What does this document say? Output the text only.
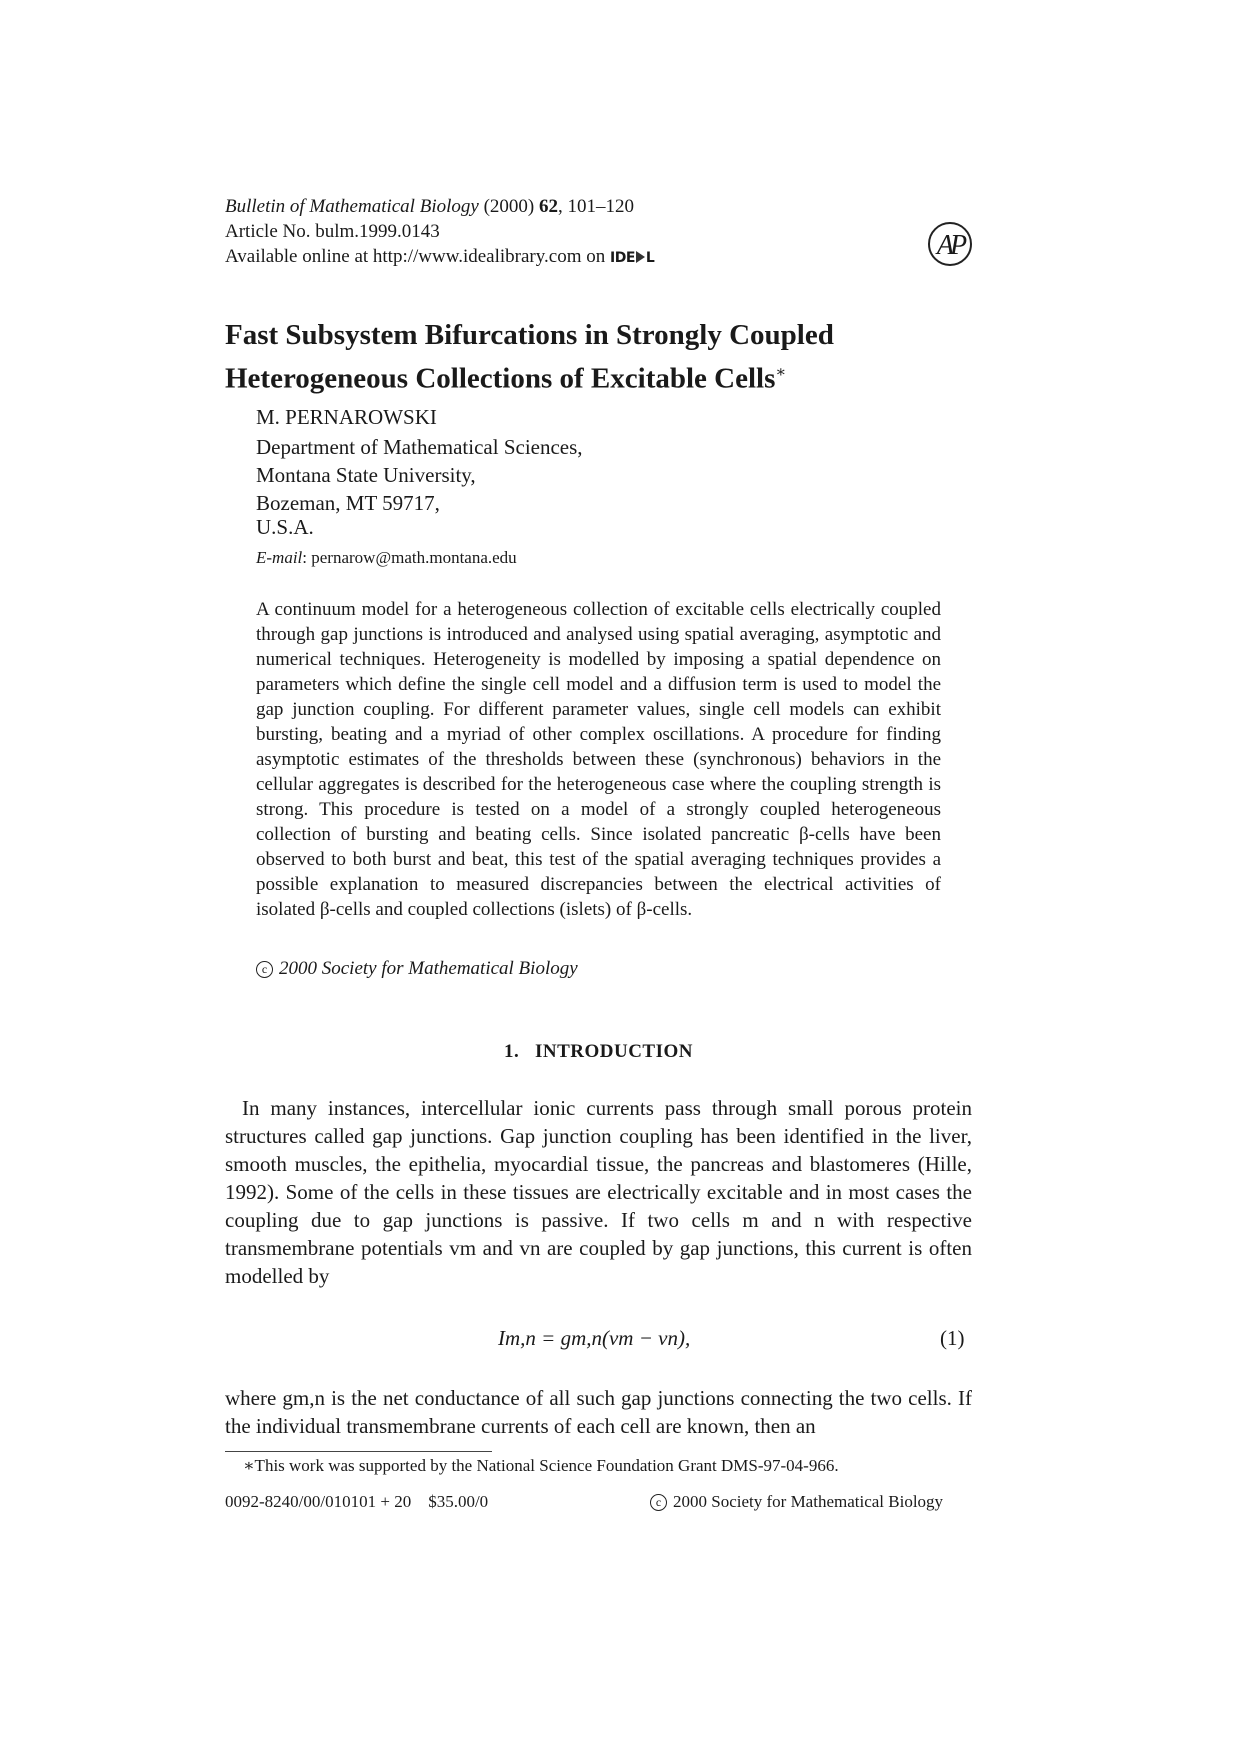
Bulletin of Mathematical Biology (2000) 62, 101–120
Article No. bulm.1999.0143
Available online at http://www.idealibrary.com on IDE L	AP
Fast Subsystem Bifurcations in Strongly Coupled
Heterogeneous Collections of Excitable Cells∗
M. PERNAROWSKI
Department of Mathematical Sciences,
Montana State University,
Bozeman, MT 59717,
U.S.A.
E-mail: pernarow@math.montana.edu
A continuum model for a heterogeneous collection of excitable cells electrically coupled through gap junctions is introduced and analysed using spatial averaging, asymptotic and numerical techniques. Heterogeneity is modelled by imposing a spatial dependence on parameters which define the single cell model and a diffusion term is used to model the gap junction coupling. For different parameter values, single cell models can exhibit bursting, beating and a myriad of other complex oscillations. A procedure for finding asymptotic estimates of the thresholds between these (synchronous) behaviors in the cellular aggregates is described for the heterogeneous case where the coupling strength is strong. This procedure is tested on a model of a strongly coupled heterogeneous collection of bursting and beating cells. Since isolated pancreatic β-cells have been observed to both burst and beat, this test of the spatial averaging techniques provides a possible explanation to measured discrepancies between the electrical activities of isolated β-cells and coupled collections (islets) of β-cells.
c 2000 Society for Mathematical Biology
1. INTRODUCTION
In many instances, intercellular ionic currents pass through small porous protein structures called gap junctions. Gap junction coupling has been identified in the liver, smooth muscles, the epithelia, myocardial tissue, the pancreas and blastomeres (Hille, 1992). Some of the cells in these tissues are electrically excitable and in most cases the coupling due to gap junctions is passive. If two cells m and n with respective transmembrane potentials vm and vn are coupled by gap junctions, this current is often modelled by
Im,n = gm,n(vm − vn),	(1)
where gm,n is the net conductance of all such gap junctions connecting the two cells. If the individual transmembrane currents of each cell are known, then an
∗This work was supported by the National Science Foundation Grant DMS-97-04-966.
0092-8240/00/010101 + 20 $35.00/0	c 2000 Society for Mathematical Biology
